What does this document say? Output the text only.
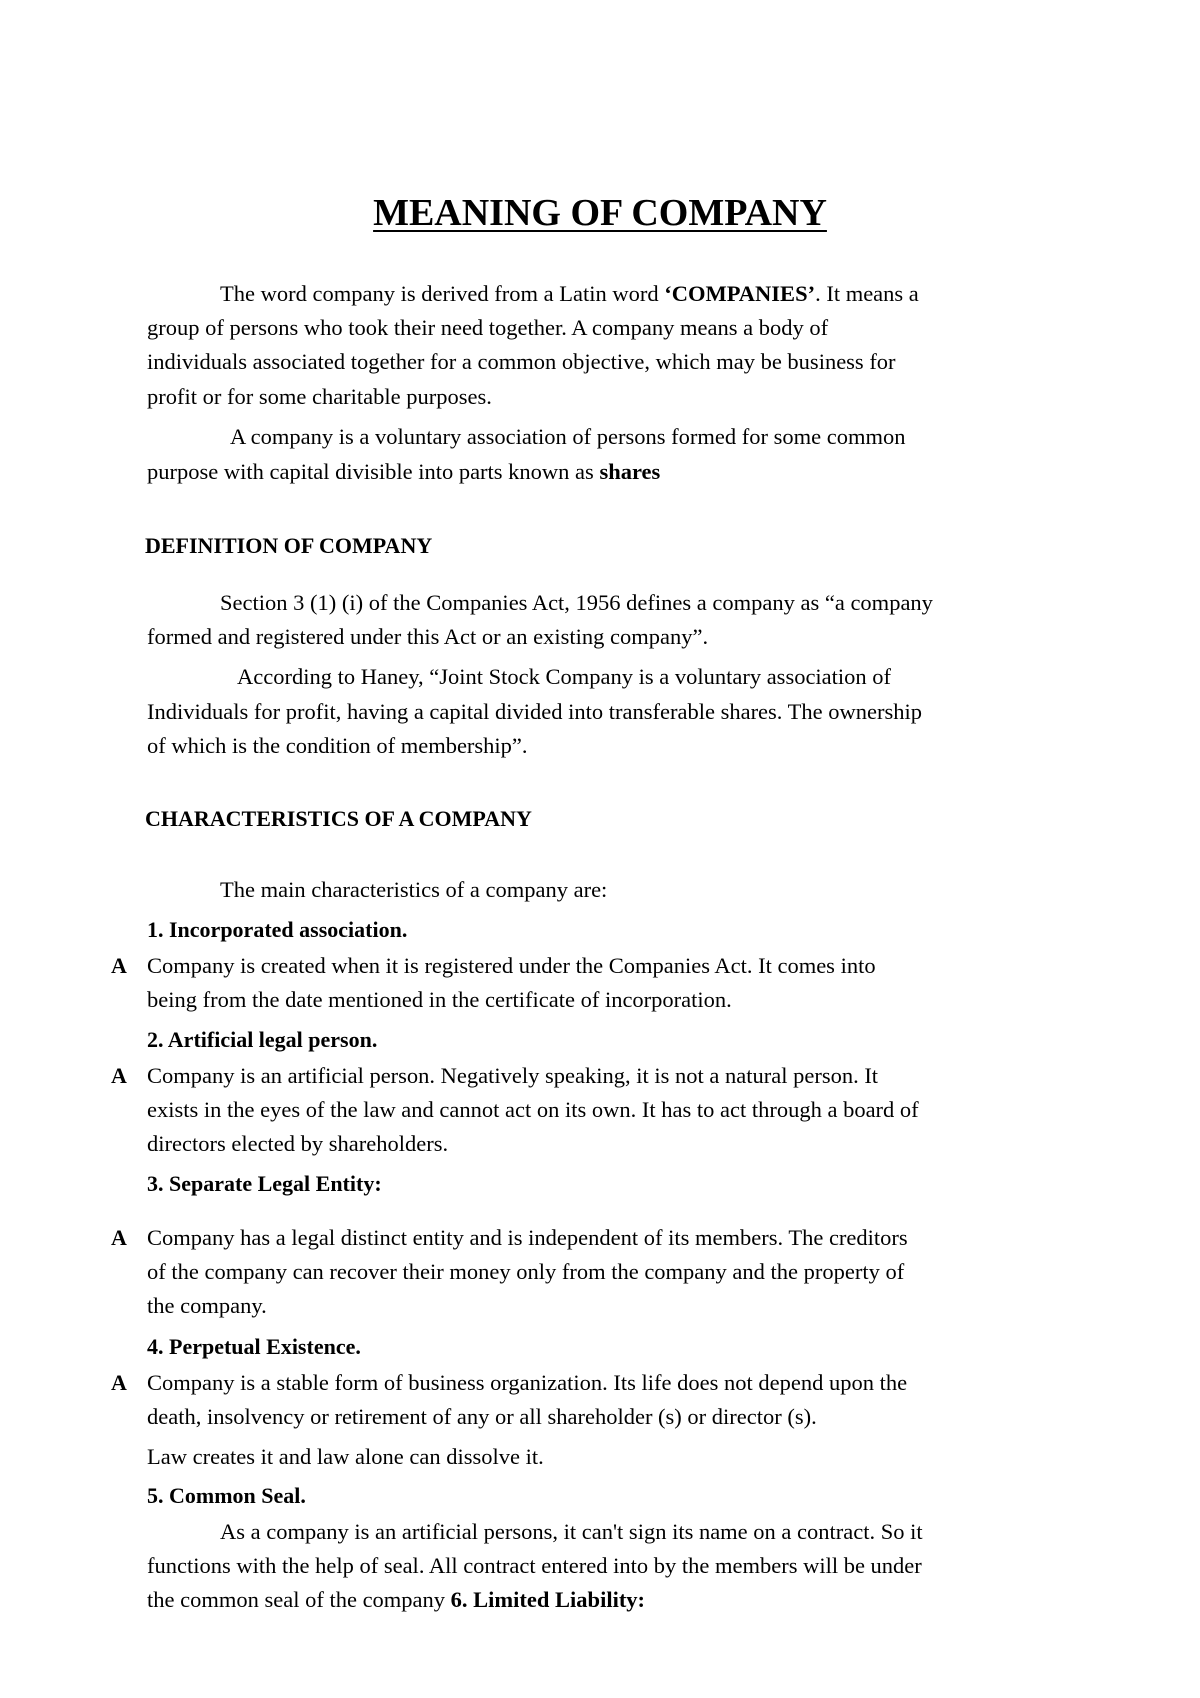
MEANING OF COMPANY
The word company is derived from a Latin word ‘COMPANIES’. It means a
group of persons who took their need together. A company means a body of
individuals associated together for a common objective, which may be business for
profit or for some charitable purposes.
A company is a voluntary association of persons formed for some common
purpose with capital divisible into parts known as shares
DEFINITION OF COMPANY
Section 3 (1) (i) of the Companies Act, 1956 defines a company as “a company
formed and registered under this Act or an existing company”.
According to Haney, “Joint Stock Company is a voluntary association of
Individuals for profit, having a capital divided into transferable shares. The ownership
of which is the condition of membership”.
CHARACTERISTICS OF A COMPANY
The main characteristics of a company are:
1. Incorporated association.
A Company is created when it is registered under the Companies Act. It comes into
being from the date mentioned in the certificate of incorporation.
2. Artificial legal person.
A Company is an artificial person. Negatively speaking, it is not a natural person. It
exists in the eyes of the law and cannot act on its own. It has to act through a board of
directors elected by shareholders.
3. Separate Legal Entity:
A Company has a legal distinct entity and is independent of its members. The creditors
of the company can recover their money only from the company and the property of
the company.
4. Perpetual Existence.
A Company is a stable form of business organization. Its life does not depend upon the
death, insolvency or retirement of any or all shareholder (s) or director (s).
Law creates it and law alone can dissolve it.
5. Common Seal.
As a company is an artificial persons, it can't sign its name on a contract. So it
functions with the help of seal. All contract entered into by the members will be under
the common seal of the company 6. Limited Liability:
